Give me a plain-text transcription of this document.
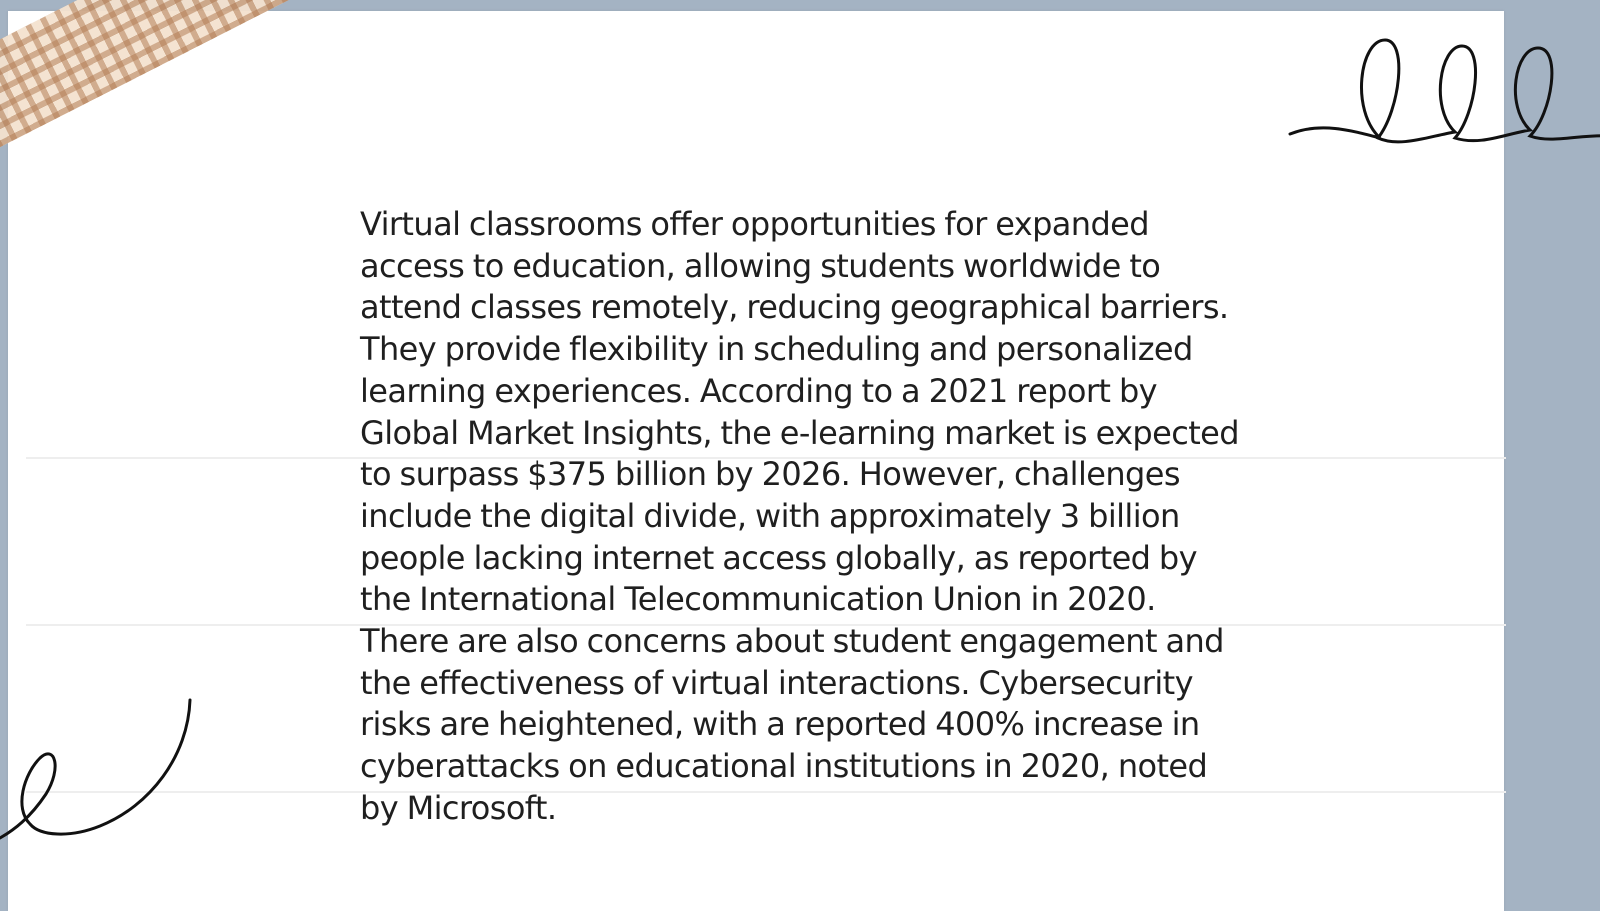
Virtual classrooms offer opportunities for expanded access to education, allowing students worldwide to attend classes remotely, reducing geographical barriers. They provide flexibility in scheduling and personalized learning experiences. According to a 2021 report by Global Market Insights, the e-learning market is expected to surpass $375 billion by 2026. However, challenges include the digital divide, with approximately 3 billion people lacking internet access globally, as reported by the International Telecommunication Union in 2020. There are also concerns about student engagement and the effectiveness of virtual interactions. Cybersecurity risks are heightened, with a reported 400% increase in cyberattacks on educational institutions in 2020, noted by Microsoft.
